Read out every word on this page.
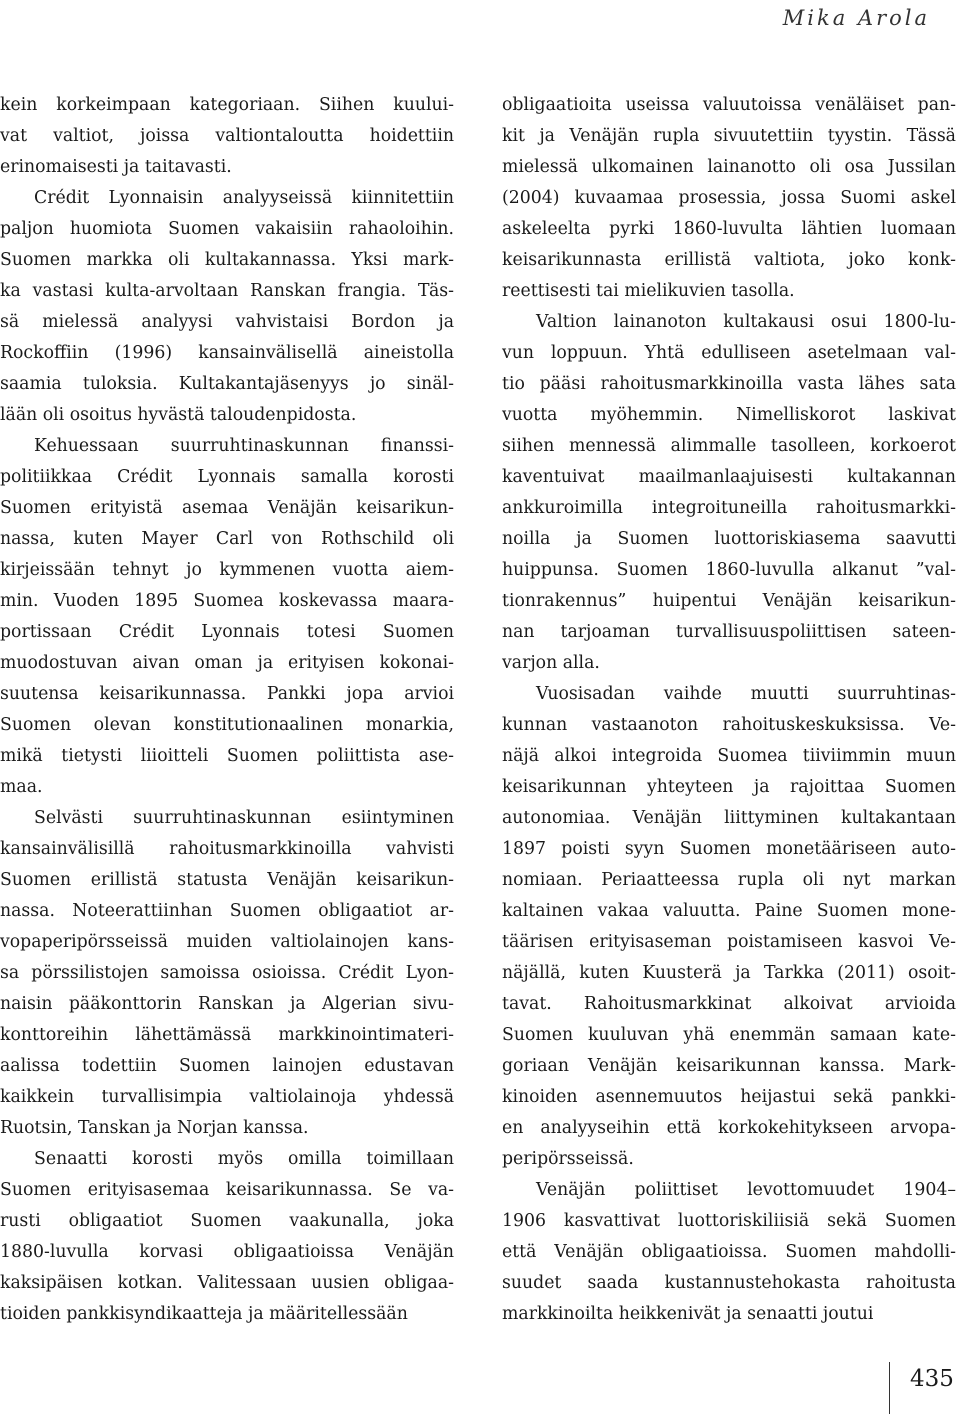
Mika Arola
kein korkeimpaan kategoriaan. Siihen kuului-
vat valtiot, joissa valtiontaloutta hoidettiin
erinomaisesti ja taitavasti.
Crédit Lyonnaisin analyyseissä kiinnitettiin
paljon huomiota Suomen vakaisiin rahaoloihin.
Suomen markka oli kultakannassa. Yksi mark-
ka vastasi kulta-arvoltaan Ranskan frangia. Täs-
sä mielessä analyysi vahvistaisi Bordon ja
Rockoffiin (1996) kansainvälisellä aineistolla
saamia tuloksia. Kultakantajäsenyys jo sinäl-
lään oli osoitus hyvästä taloudenpidosta.
Kehuessaan suurruhtinaskunnan finanssi-
politiikkaa Crédit Lyonnais samalla korosti
Suomen erityistä asemaa Venäjän keisarikun-
nassa, kuten Mayer Carl von Rothschild oli
kirjeissään tehnyt jo kymmenen vuotta aiem-
min. Vuoden 1895 Suomea koskevassa maara-
portissaan Crédit Lyonnais totesi Suomen
muodostuvan aivan oman ja erityisen kokonai-
suutensa keisarikunnassa. Pankki jopa arvioi
Suomen olevan konstitutionaalinen monarkia,
mikä tietysti liioitteli Suomen poliittista ase-
maa.
Selvästi suurruhtinaskunnan esiintyminen
kansainvälisillä rahoitusmarkkinoilla vahvisti
Suomen erillistä statusta Venäjän keisarikun-
nassa. Noteerattiinhan Suomen obligaatiot ar-
vopaperipörsseissä muiden valtiolainojen kans-
sa pörssilistojen samoissa osioissa. Crédit Lyon-
naisin pääkonttorin Ranskan ja Algerian sivu-
konttoreihin lähettämässä markkinointimateri-
aalissa todettiin Suomen lainojen edustavan
kaikkein turvallisimpia valtiolainoja yhdessä
Ruotsin, Tanskan ja Norjan kanssa.
Senaatti korosti myös omilla toimillaan
Suomen erityisasemaa keisarikunnassa. Se va-
rusti obligaatiot Suomen vaakunalla, joka
1880-luvulla korvasi obligaatioissa Venäjän
kaksipäisen kotkan. Valitessaan uusien obligaa-
tioiden pankkisyndikaatteja ja määritellessään
obligaatioita useissa valuutoissa venäläiset pan-
kit ja Venäjän rupla sivuutettiin tyystin. Tässä
mielessä ulkomainen lainanotto oli osa Jussilan
(2004) kuvaamaa prosessia, jossa Suomi askel
askeleelta pyrki 1860-luvulta lähtien luomaan
keisarikunnasta erillistä valtiota, joko konk-
reettisesti tai mielikuvien tasolla.
Valtion lainanoton kultakausi osui 1800-lu-
vun loppuun. Yhtä edulliseen asetelmaan val-
tio pääsi rahoitusmarkkinoilla vasta lähes sata
vuotta myöhemmin. Nimelliskorot laskivat
siihen mennessä alimmalle tasolleen, korkoerot
kaventuivat maailmanlaajuisesti kultakannan
ankkuroimilla integroituneilla rahoitusmarkki-
noilla ja Suomen luottoriskiasema saavutti
huippunsa. Suomen 1860-luvulla alkanut ”val-
tionrakennus” huipentui Venäjän keisarikun-
nan tarjoaman turvallisuuspoliittisen sateen-
varjon alla.
Vuosisadan vaihde muutti suurruhtinas-
kunnan vastaanoton rahoituskeskuksissa. Ve-
näjä alkoi integroida Suomea tiiviimmin muun
keisarikunnan yhteyteen ja rajoittaa Suomen
autonomiaa. Venäjän liittyminen kultakantaan
1897 poisti syyn Suomen monetääriseen auto-
nomiaan. Periaatteessa rupla oli nyt markan
kaltainen vakaa valuutta. Paine Suomen mone-
täärisen erityisaseman poistamiseen kasvoi Ve-
näjällä, kuten Kuusterä ja Tarkka (2011) osoit-
tavat. Rahoitusmarkkinat alkoivat arvioida
Suomen kuuluvan yhä enemmän samaan kate-
goriaan Venäjän keisarikunnan kanssa. Mark-
kinoiden asennemuutos heijastui sekä pankki-
en analyyseihin että korkokehitykseen arvopa-
peripörsseissä.
Venäjän poliittiset levottomuudet 1904–
1906 kasvattivat luottoriskiliisiä sekä Suomen
että Venäjän obligaatioissa. Suomen mahdolli-
suudet saada kustannustehokasta rahoitusta
markkinoilta heikkenivät ja senaatti joutui
435
